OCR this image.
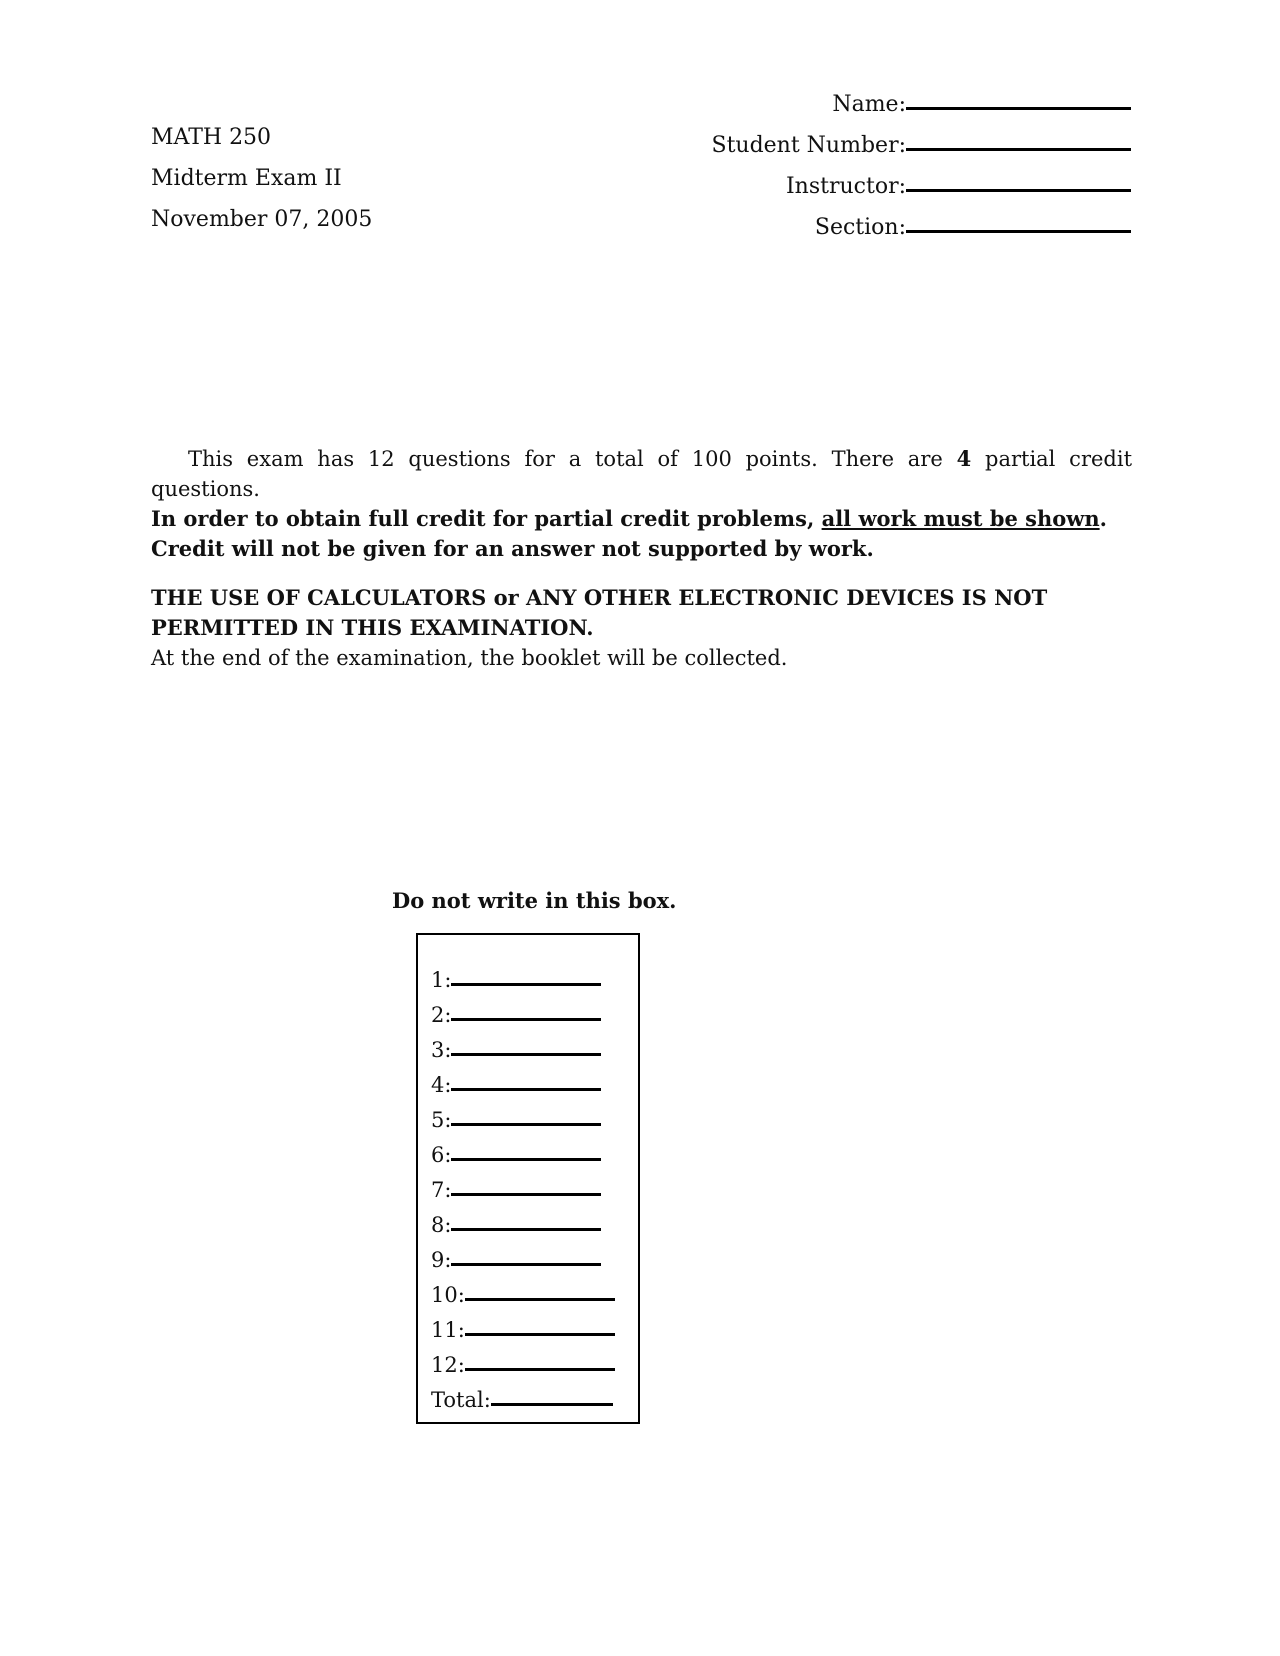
MATH 250
Midterm Exam II
November 07, 2005
Name:
Student Number:
Instructor:
Section:

This exam has 12 questions for a total of 100 points. There are 4 partial credit questions.

In order to obtain full credit for partial credit problems, all work must be shown.

Credit will not be given for an answer not supported by work.

THE USE OF CALCULATORS or ANY OTHER ELECTRONIC DEVICES IS NOT PERMITTED IN THIS EXAMINATION.

At the end of the examination, the booklet will be collected.

Do not write in this box.
1:
2:
3:
4:
5:
6:
7:
8:
9:
10:
11:
12:
Total:
